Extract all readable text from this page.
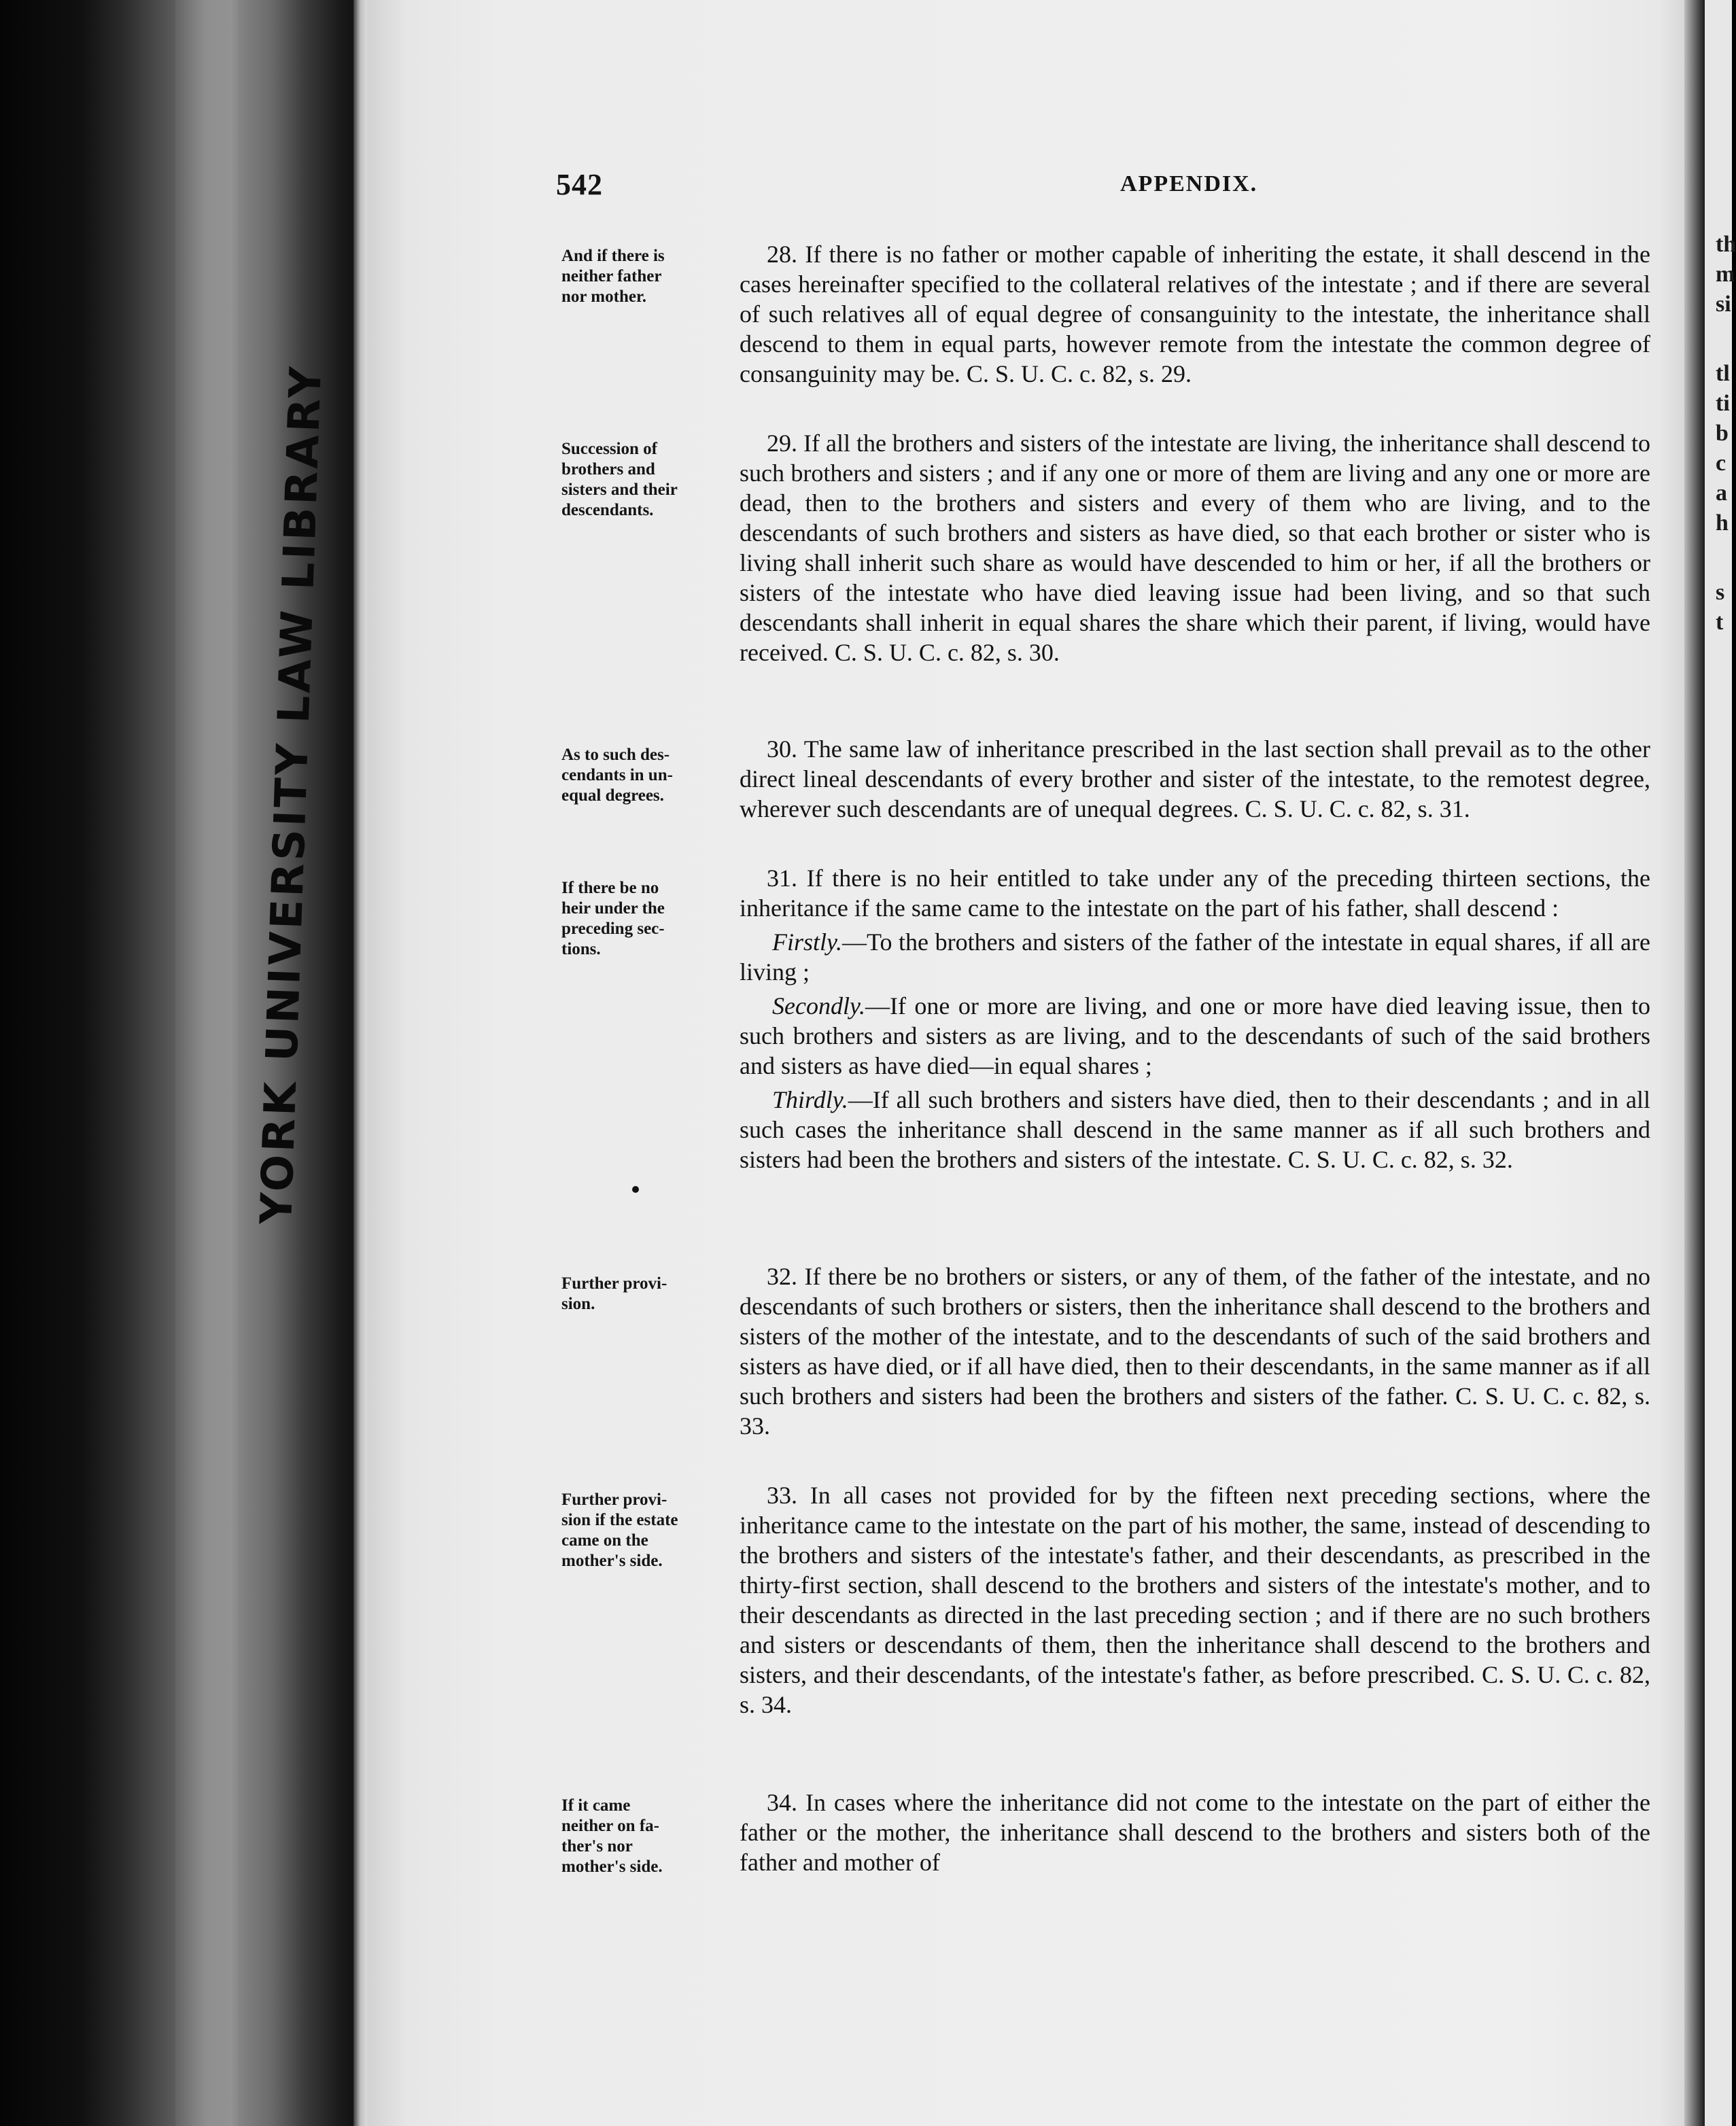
YORK UNIVERSITY LAW LIBRARY
th
m
si
tl
ti
b
c
a
h
s
t
542	APPENDIX.
And if there is
neither father
nor mother.
Succession of
brothers and
sisters and their
descendants.
As to such des-
cendants in un-
equal degrees.
If there be no
heir under the
preceding sec-
tions.
Further provi-
sion.
Further provi-
sion if the estate
came on the
mother's side.
If it came
neither on fa-
ther's nor
mother's side.
28. If there is no father or mother capable of inheriting the estate, it shall descend in the cases hereinafter specified to the collateral relatives of the intestate ; and if there are several of such relatives all of equal degree of consanguinity to the intestate, the inheritance shall descend to them in equal parts, however remote from the intestate the common degree of consanguinity may be. C. S. U. C. c. 82, s. 29.
29. If all the brothers and sisters of the intestate are living, the inheritance shall descend to such brothers and sisters ; and if any one or more of them are living and any one or more are dead, then to the brothers and sisters and every of them who are living, and to the descendants of such brothers and sisters as have died, so that each brother or sister who is living shall inherit such share as would have descended to him or her, if all the brothers or sisters of the intestate who have died leaving issue had been living, and so that such descendants shall inherit in equal shares the share which their parent, if living, would have received. C. S. U. C. c. 82, s. 30.
30. The same law of inheritance prescribed in the last section shall prevail as to the other direct lineal descendants of every brother and sister of the intestate, to the remotest degree, wherever such descendants are of unequal degrees. C. S. U. C. c. 82, s. 31.
31. If there is no heir entitled to take under any of the preceding thirteen sections, the inheritance if the same came to the intestate on the part of his father, shall descend :
Firstly.—To the brothers and sisters of the father of the intestate in equal shares, if all are living ;
Secondly.—If one or more are living, and one or more have died leaving issue, then to such brothers and sisters as are living, and to the descendants of such of the said brothers and sisters as have died—in equal shares ;
Thirdly.—If all such brothers and sisters have died, then to their descendants ; and in all such cases the inheritance shall descend in the same manner as if all such brothers and sisters had been the brothers and sisters of the intestate. C. S. U. C. c. 82, s. 32.
32. If there be no brothers or sisters, or any of them, of the father of the intestate, and no descendants of such brothers or sisters, then the inheritance shall descend to the brothers and sisters of the mother of the intestate, and to the descendants of such of the said brothers and sisters as have died, or if all have died, then to their descendants, in the same manner as if all such brothers and sisters had been the brothers and sisters of the father. C. S. U. C. c. 82, s. 33.
33. In all cases not provided for by the fifteen next preceding sections, where the inheritance came to the intestate on the part of his mother, the same, instead of descending to the brothers and sisters of the intestate's father, and their descendants, as prescribed in the thirty-first section, shall descend to the brothers and sisters of the intestate's mother, and to their descendants as directed in the last preceding section ; and if there are no such brothers and sisters or descendants of them, then the inheritance shall descend to the brothers and sisters, and their descendants, of the intestate's father, as before prescribed. C. S. U. C. c. 82, s. 34.
34. In cases where the inheritance did not come to the intestate on the part of either the father or the mother, the inheritance shall descend to the brothers and sisters both of the father and mother of
